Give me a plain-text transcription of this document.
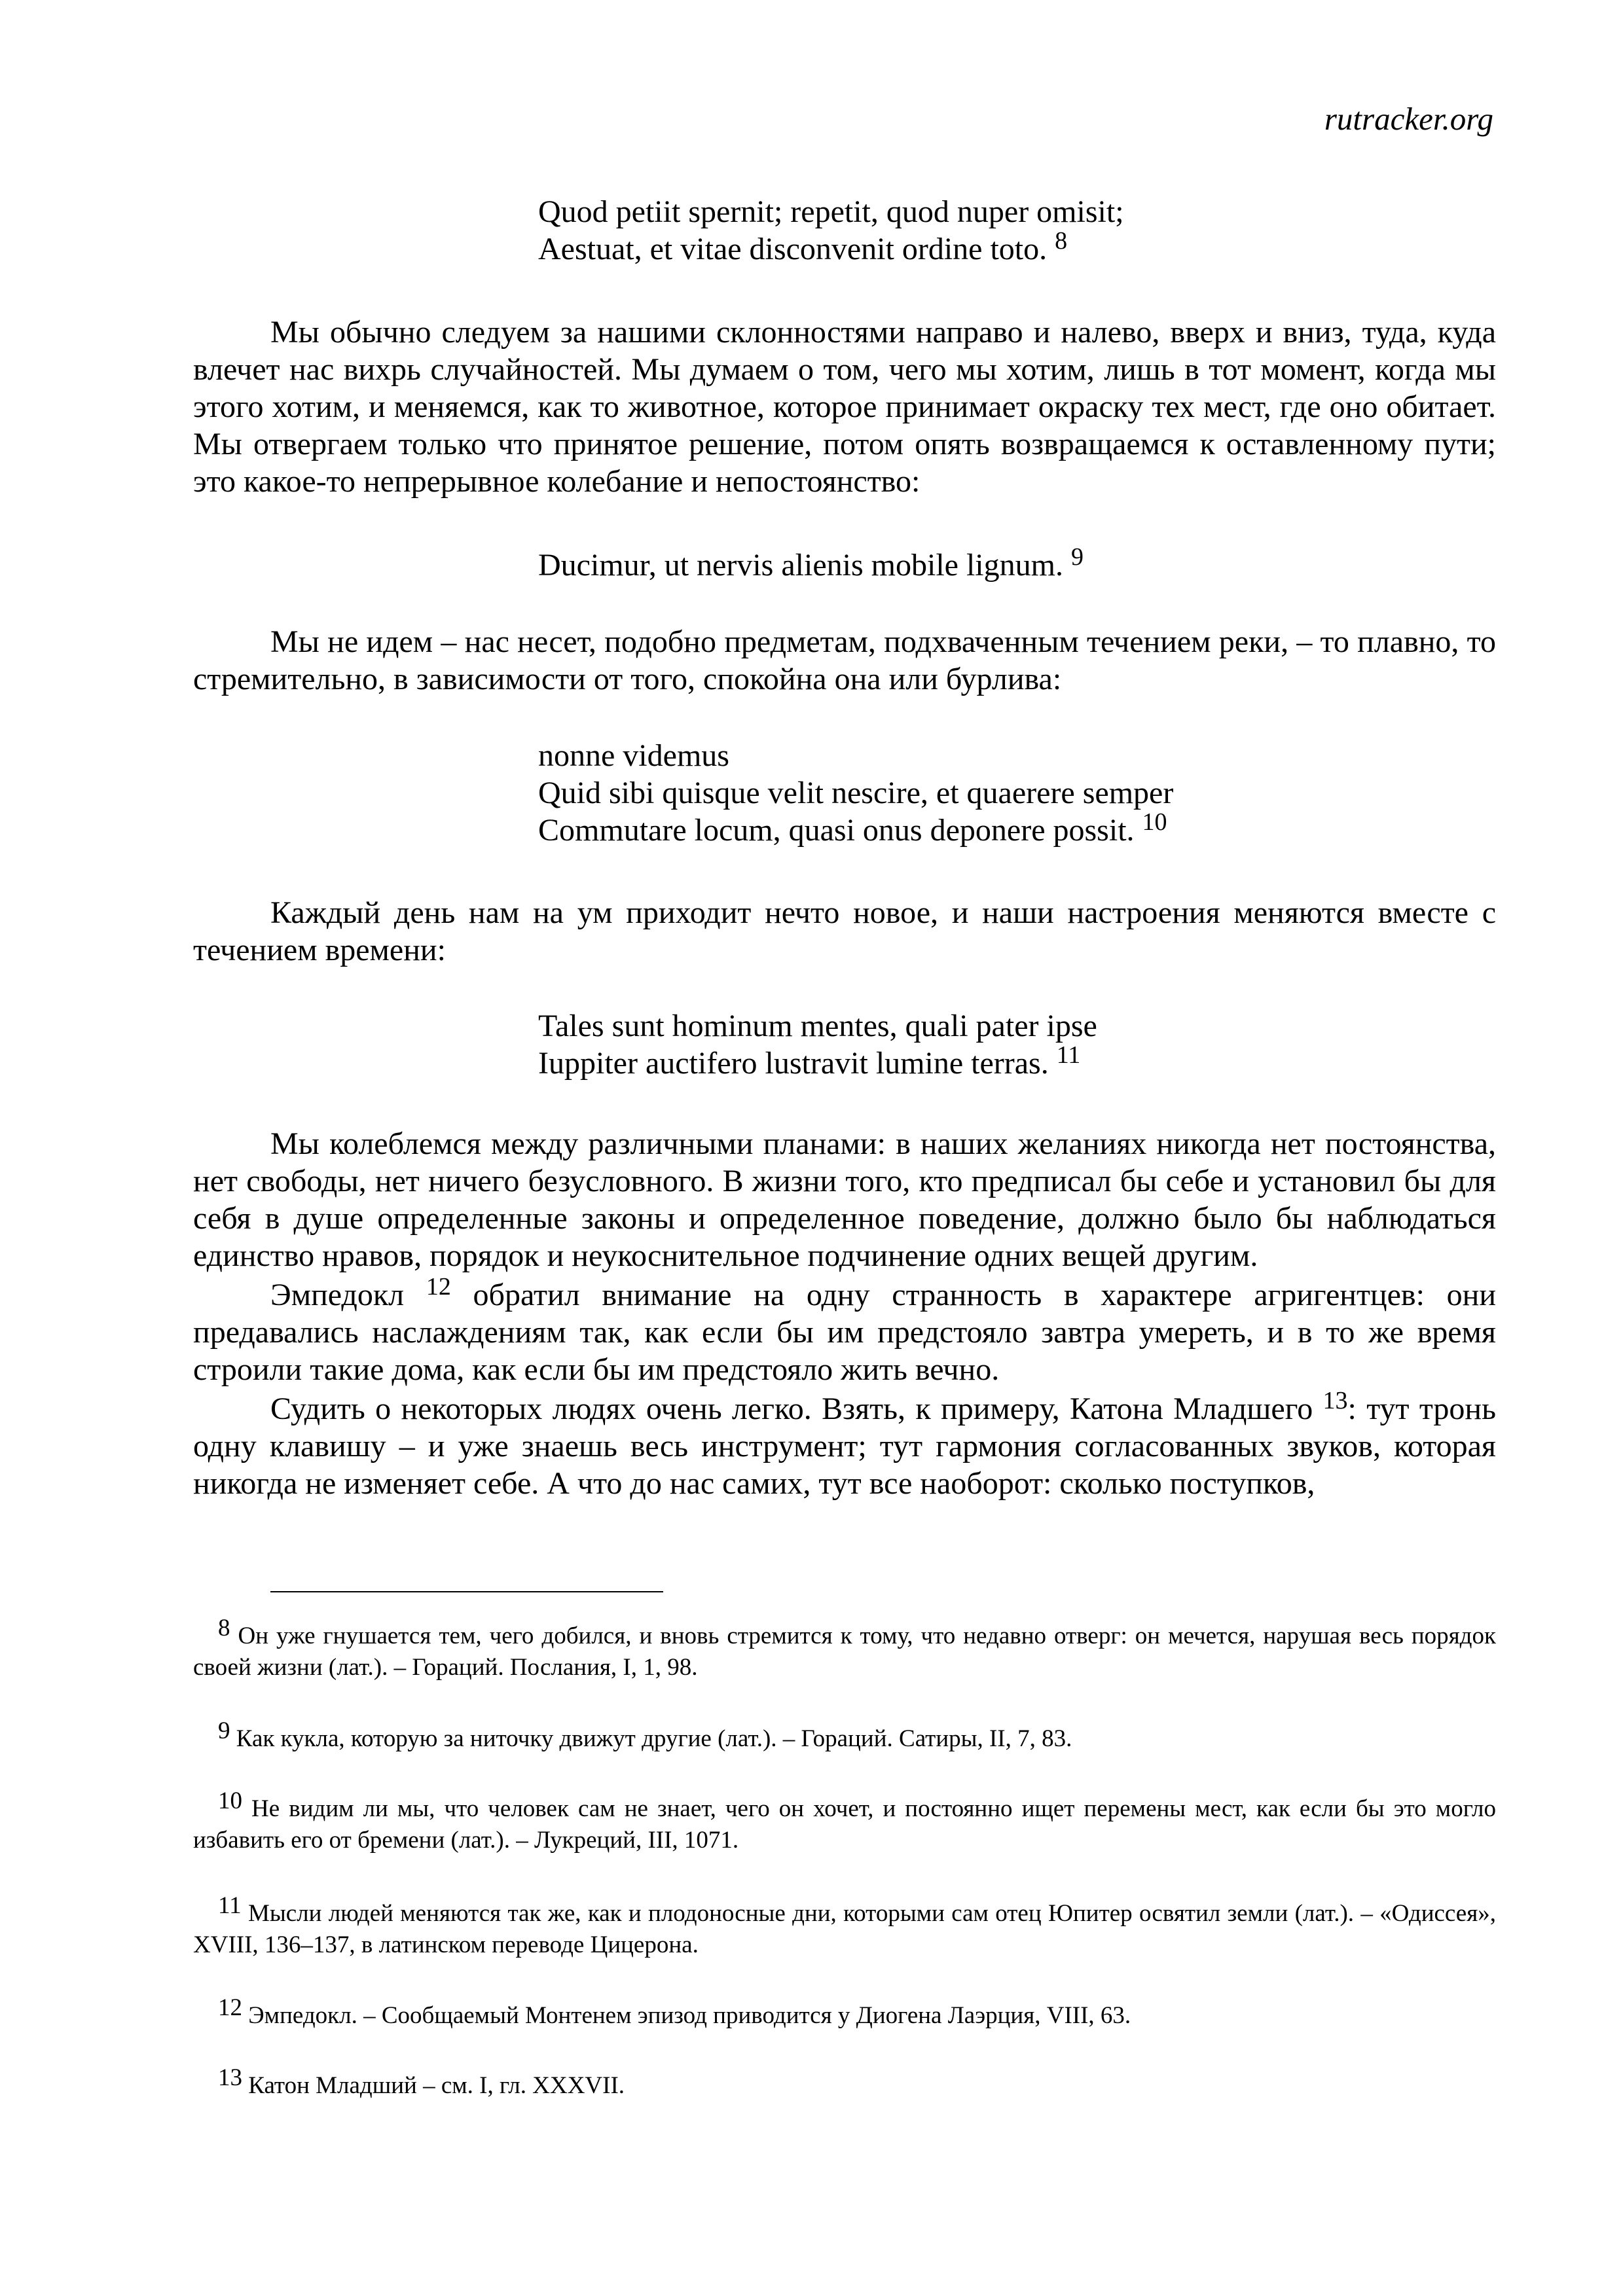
rutracker.org
Quod petiit spernit; repetit, quod nuper omisit;
Aestuat, et vitae disconvenit ordine toto. $^8$

Мы обычно следуем за нашими склонностями направо и налево, вверх и вниз, туда, куда влечет нас вихрь случайностей. Мы думаем о том, чего мы хотим, лишь в тот момент, когда мы этого хотим, и меняемся, как то животное, которое принимает окраску тех мест, где оно обитает. Мы отвергаем только что принятое решение, потом опять возвращаемся к оставленному пути; это какое-то непрерывное колебание и непостоянство:

Ducimur, ut nervis alienis mobile lignum. $^9$

Мы не идем – нас несет, подобно предметам, подхваченным течением реки, – то плавно, то стремительно, в зависимости от того, спокойна она или бурлива:

nonne videmus
Quid sibi quisque velit nescire, et quaerere semper
Commutare locum, quasi onus deponere possit. $^{10}$

Каждый день нам на ум приходит нечто новое, и наши настроения меняются вместе с течением времени:

Tales sunt hominum mentes, quali pater ipse
Iuppiter auctifero lustravit lumine terras. $^{11}$

Мы колеблемся между различными планами: в наших желаниях никогда нет постоянства, нет свободы, нет ничего безусловного. В жизни того, кто предписал бы себе и установил бы для себя в душе определенные законы и определенное поведение, должно было бы наблюдаться единство нравов, порядок и неукоснительное подчинение одних вещей другим.

Эмпедокл $^{12}$ обратил внимание на одну странность в характере агригентцев: они предавались наслаждениям так, как если бы им предстояло завтра умереть, и в то же время строили такие дома, как если бы им предстояло жить вечно.

Судить о некоторых людях очень легко. Взять, к примеру, Катона Младшего $^{13}$: тут тронь одну клавишу – и уже знаешь весь инструмент; тут гармония согласованных звуков, которая никогда не изменяет себе. А что до нас самих, тут все наоборот: сколько поступков,

$^8$ Он уже гнушается тем, чего добился, и вновь стремится к тому, что недавно отверг: он мечется, нарушая весь порядок своей жизни (лат.). – Гораций. Послания, I, 1, 98.
$^9$ Как кукла, которую за ниточку движут другие (лат.). – Гораций. Сатиры, II, 7, 83.
$^{10}$ Не видим ли мы, что человек сам не знает, чего он хочет, и постоянно ищет перемены мест, как если бы это могло избавить его от бремени (лат.). – Лукреций, III, 1071.
$^{11}$ Мысли людей меняются так же, как и плодоносные дни, которыми сам отец Юпитер освятил земли (лат.). – «Одиссея», XVIII, 136–137, в латинском переводе Цицерона.
$^{12}$ Эмпедокл. – Сообщаемый Монтенем эпизод приводится у Диогена Лаэрция, VIII, 63.
$^{13}$ Катон Младший – см. I, гл. XXXVII.
